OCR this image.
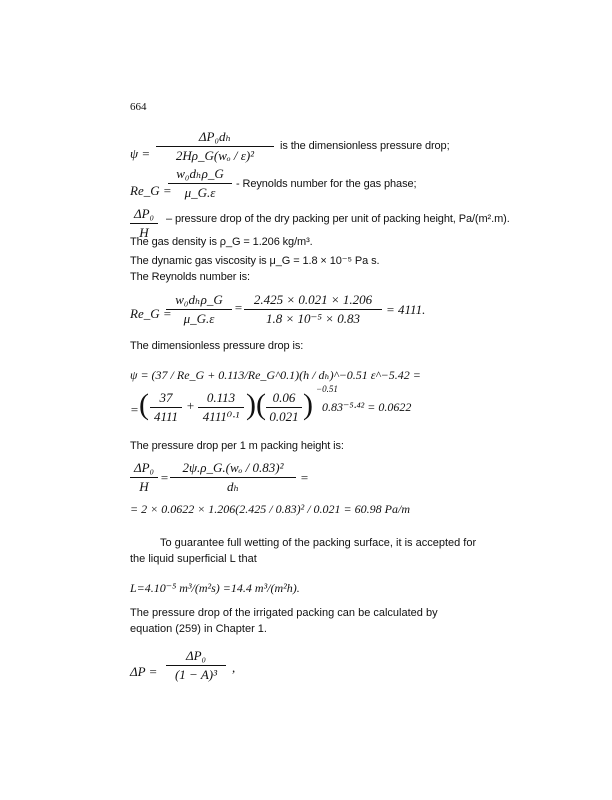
664
ψ =
ΔP₀dₕ
2Hρ_G(wₒ / ε)²
is the dimensionless pressure drop;
Re_G =
w₀dₕρ_G
μ_G.ε
- Reynolds number for the gas phase;
ΔP₀
H
– pressure drop of the dry packing per unit of packing height, Pa/(m².m).
The gas density is ρ_G = 1.206 kg/m³.
The dynamic gas viscosity is μ_G = 1.8 × 10⁻⁵ Pa s.
The Reynolds number is:
Re_G =
w₀dₕρ_G
μ_G.ε
=
2.425 × 0.021 × 1.206
1.8 × 10⁻⁵ × 0.83
= 4111.
The dimensionless pressure drop is:
ψ = (37 / Re_G + 0.113/Re_G^0.1)(h / dₕ)^−0.51 ε^−5.42 =
= ( 37
4111
+
0.113
4111⁰·¹ ) ( 0.06
0.021 ) −0.51
0.83⁻⁵·⁴² = 0.0622
The pressure drop per 1 m packing height is:
ΔP₀
H
=
2ψ.ρ_G.(wₒ / 0.83)²
dₕ
=
= 2 × 0.0622 × 1.206(2.425 / 0.83)² / 0.021 = 60.98 Pa/m
To guarantee full wetting of the packing surface, it is accepted for the liquid superficial L that
L=4.10⁻⁵ m³/(m²s) =14.4 m³/(m²h).
The pressure drop of the irrigated packing can be calculated by equation (259) in Chapter 1.
ΔP =
ΔP₀
(1 − A)³	,
